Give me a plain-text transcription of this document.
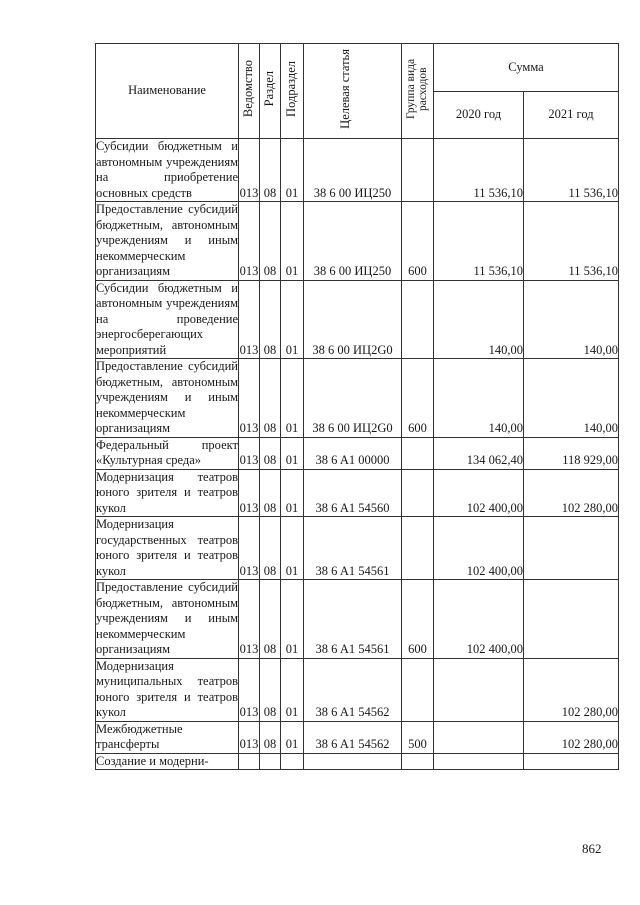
Наименование	Ведомство	Раздел	Подраздел	Целевая статья	Группа вида расходов	Сумма	
						2020 год	2021 год
Субсидии бюджетным и автономным учреждениям на приобретение основных средств	013	08	01	38 6 00 ИЦ250		11 536,10	11 536,10
Предоставление субсидий бюджетным, автономным учреждениям и иным некоммерческим организациям	013	08	01	38 6 00 ИЦ250	600	11 536,10	11 536,10
Субсидии бюджетным и автономным учреждениям на проведение энергосберегающих мероприятий	013	08	01	38 6 00 ИЦ2G0		140,00	140,00
Предоставление субсидий бюджетным, автономным учреждениям и иным некоммерческим организациям	013	08	01	38 6 00 ИЦ2G0	600	140,00	140,00
Федеральный проект «Культурная среда»	013	08	01	38 6 A1 00000		134 062,40	118 929,00
Модернизация театров юного зрителя и театров кукол	013	08	01	38 6 A1 54560		102 400,00	102 280,00
Модернизация государственных театров юного зрителя и театров кукол	013	08	01	38 6 A1 54561		102 400,00	
Предоставление субсидий бюджетным, автономным учреждениям и иным некоммерческим организациям	013	08	01	38 6 A1 54561	600	102 400,00	
Модернизация муниципальных театров юного зрителя и театров кукол	013	08	01	38 6 A1 54562			102 280,00
Межбюджетные трансферты	013	08	01	38 6 A1 54562	500		102 280,00
Создание и модерни-							
862
